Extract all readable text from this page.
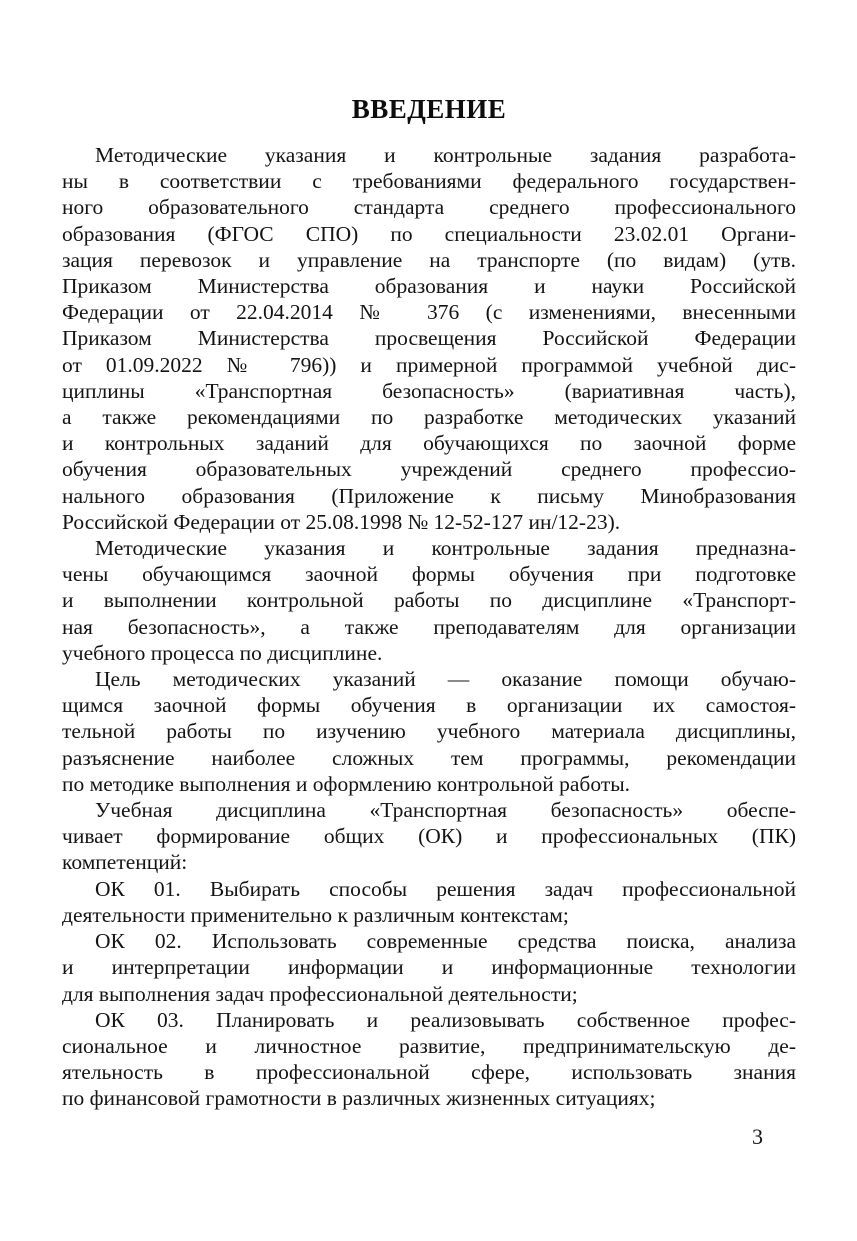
ВВЕДЕНИЕ
Методические указания и контрольные задания разработа-
ны в соответствии с требованиями федерального государствен-
ного образовательного стандарта среднего профессионального
образования (ФГОС СПО) по специальности 23.02.01 Органи-
зация перевозок и управление на транспорте (по видам) (утв.
Приказом Министерства образования и науки Российской
Федерации от 22.04.2014 № 376 (с изменениями, внесенными
Приказом Министерства просвещения Российской Федерации
от 01.09.2022 № 796)) и примерной программой учебной дис-
циплины «Транспортная безопасность» (вариативная часть),
а также рекомендациями по разработке методических указаний
и контрольных заданий для обучающихся по заочной форме
обучения образовательных учреждений среднего профессио-
нального образования (Приложение к письму Минобразования
Российской Федерации от 25.08.1998 № 12-52-127 ин/12-23).
Методические указания и контрольные задания предназна-
чены обучающимся заочной формы обучения при подготовке
и выполнении контрольной работы по дисциплине «Транспорт-
ная безопасность», а также преподавателям для организации
учебного процесса по дисциплине.
Цель методических указаний — оказание помощи обучаю-
щимся заочной формы обучения в организации их самостоя-
тельной работы по изучению учебного материала дисциплины,
разъяснение наиболее сложных тем программы, рекомендации
по методике выполнения и оформлению контрольной работы.
Учебная дисциплина «Транспортная безопасность» обеспе-
чивает формирование общих (ОК) и профессиональных (ПК)
компетенций:
ОК 01. Выбирать способы решения задач профессиональной
деятельности применительно к различным контекстам;
ОК 02. Использовать современные средства поиска, анализа
и интерпретации информации и информационные технологии
для выполнения задач профессиональной деятельности;
ОК 03. Планировать и реализовывать собственное профес-
сиональное и личностное развитие, предпринимательскую де-
ятельность в профессиональной сфере, использовать знания
по финансовой грамотности в различных жизненных ситуациях;
3
